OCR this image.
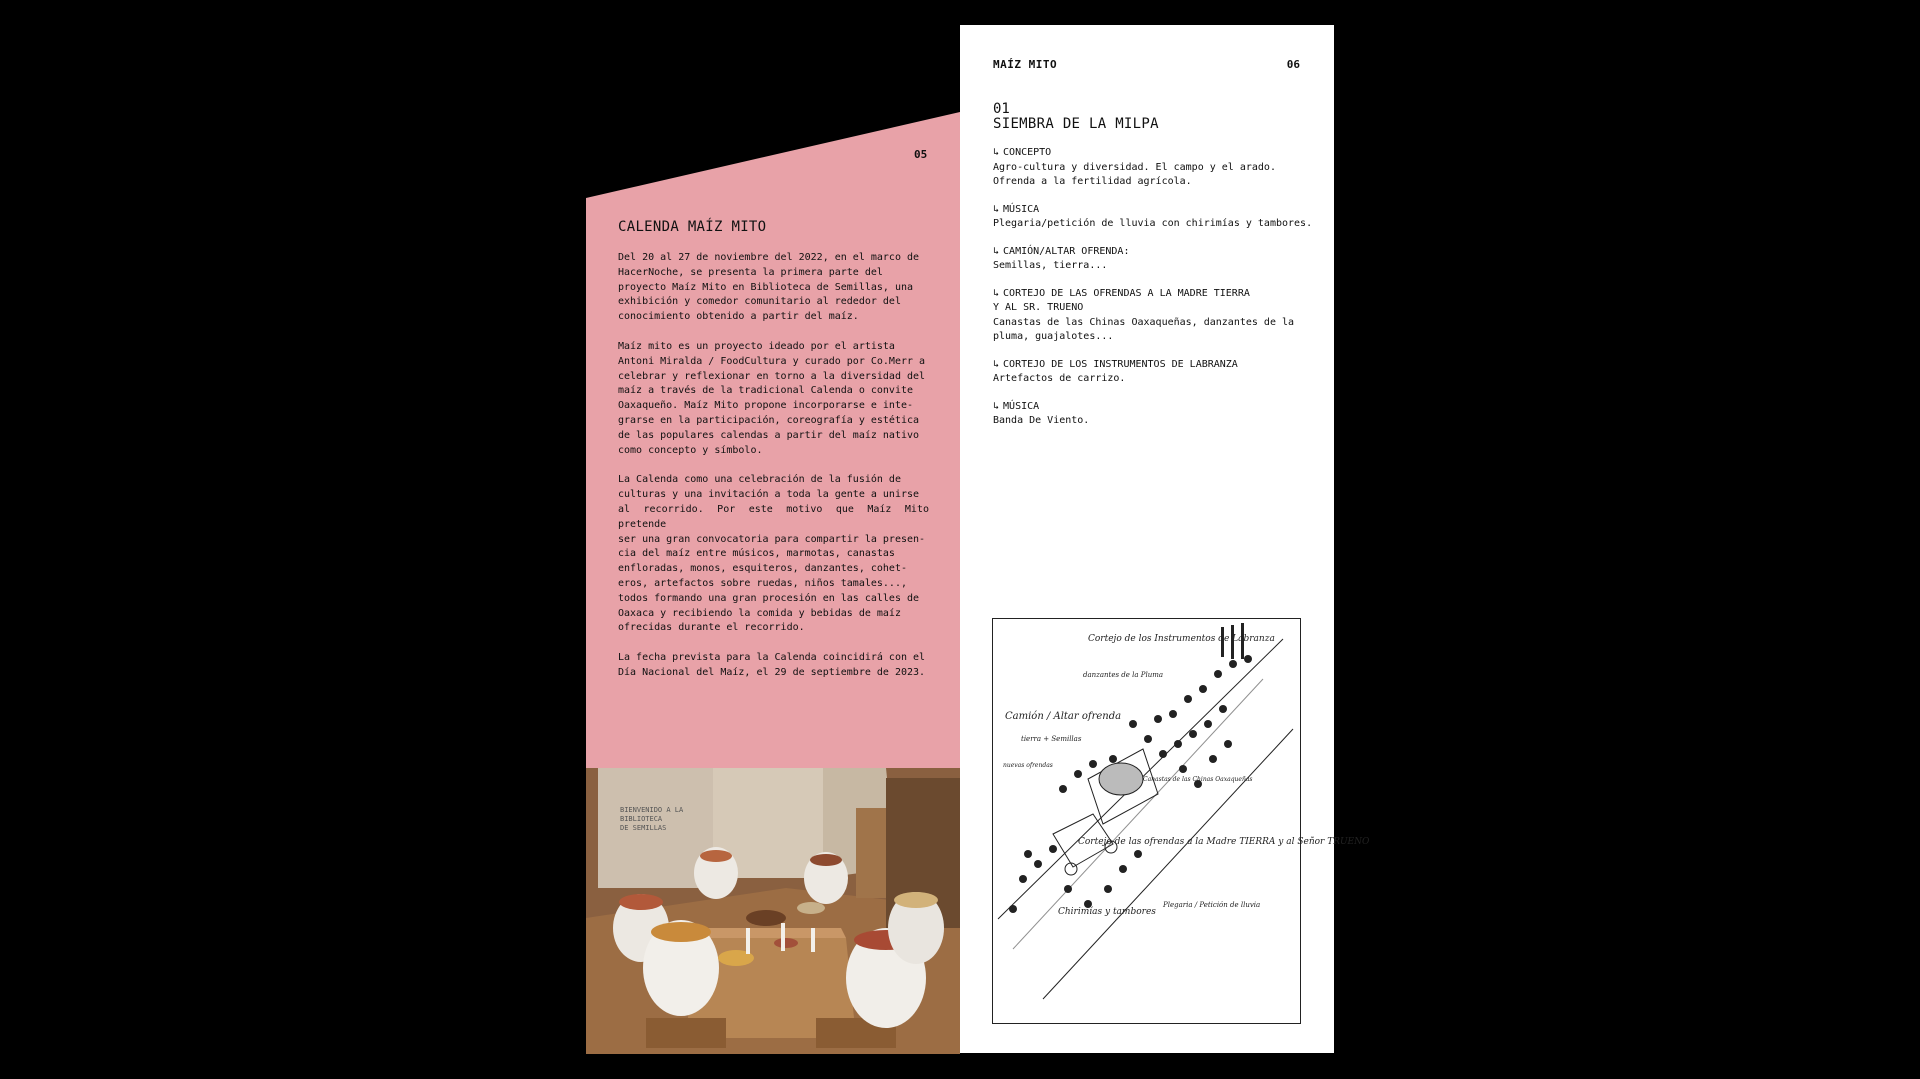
05
CALENDA MAÍZ MITO

Del 20 al 27 de noviembre del 2022, en el marco de
HacerNoche, se presenta la primera parte del
proyecto Maíz Mito en Biblioteca de Semillas, una
exhibición y comedor comunitario al rededor del
conocimiento obtenido a partir del maíz.

Maíz mito es un proyecto ideado por el artista
Antoni Miralda / FoodCultura y curado por Co.Merr a
celebrar y reflexionar en torno a la diversidad del
maíz a través de la tradicional Calenda o convite
Oaxaqueño. Maíz Mito propone incorporarse e inte-
grarse en la participación, coreografía y estética
de las populares calendas a partir del maíz nativo
como concepto y símbolo.

La Calenda como una celebración de la fusión de
culturas y una invitación a toda la gente a unirse
al recorrido. Por este motivo que Maíz Mito pretende
ser una gran convocatoria para compartir la presen-
cia del maíz entre músicos, marmotas, canastas
enfloradas, monos, esquiteros, danzantes, cohet-
eros, artefactos sobre ruedas, niños tamales...,
todos formando una gran procesión en las calles de
Oaxaca y recibiendo la comida y bebidas de maíz
ofrecidas durante el recorrido.

La fecha prevista para la Calenda coincidirá con el
Día Nacional del Maíz, el 29 de septiembre de 2023.

BIENVENIDO A LA
BIBLIOTECA
DE SEMILLAS
MAÍZ MITO	06
01
SIEMBRA DE LA MILPA
↳ CONCEPTO
Agro-cultura y diversidad. El campo y el arado.
Ofrenda a la fertilidad agrícola.
↳ MÚSICA
Plegaria/petición de lluvia con chirimías y tambores.
↳ CAMIÓN/ALTAR OFRENDA:
Semillas, tierra...
↳ CORTEJO DE LAS OFRENDAS A LA MADRE TIERRA
Y AL SR. TRUENO
Canastas de las Chinas Oaxaqueñas, danzantes de la
pluma, guajalotes...
↳ CORTEJO DE LOS INSTRUMENTOS DE LABRANZA
Artefactos de carrizo.
↳ MÚSICA
Banda De Viento.
Cortejo de los Instrumentos de Labranza
danzantes de la Pluma
Camión / Altar ofrenda
tierra + Semillas
nuevas ofrendas
Canastas de las Chinas Oaxaqueñas
Cortejo de las ofrendas a la Madre TIERRA y al Señor TRUENO
Chirimías y tambores
Plegaria / Petición de lluvia
